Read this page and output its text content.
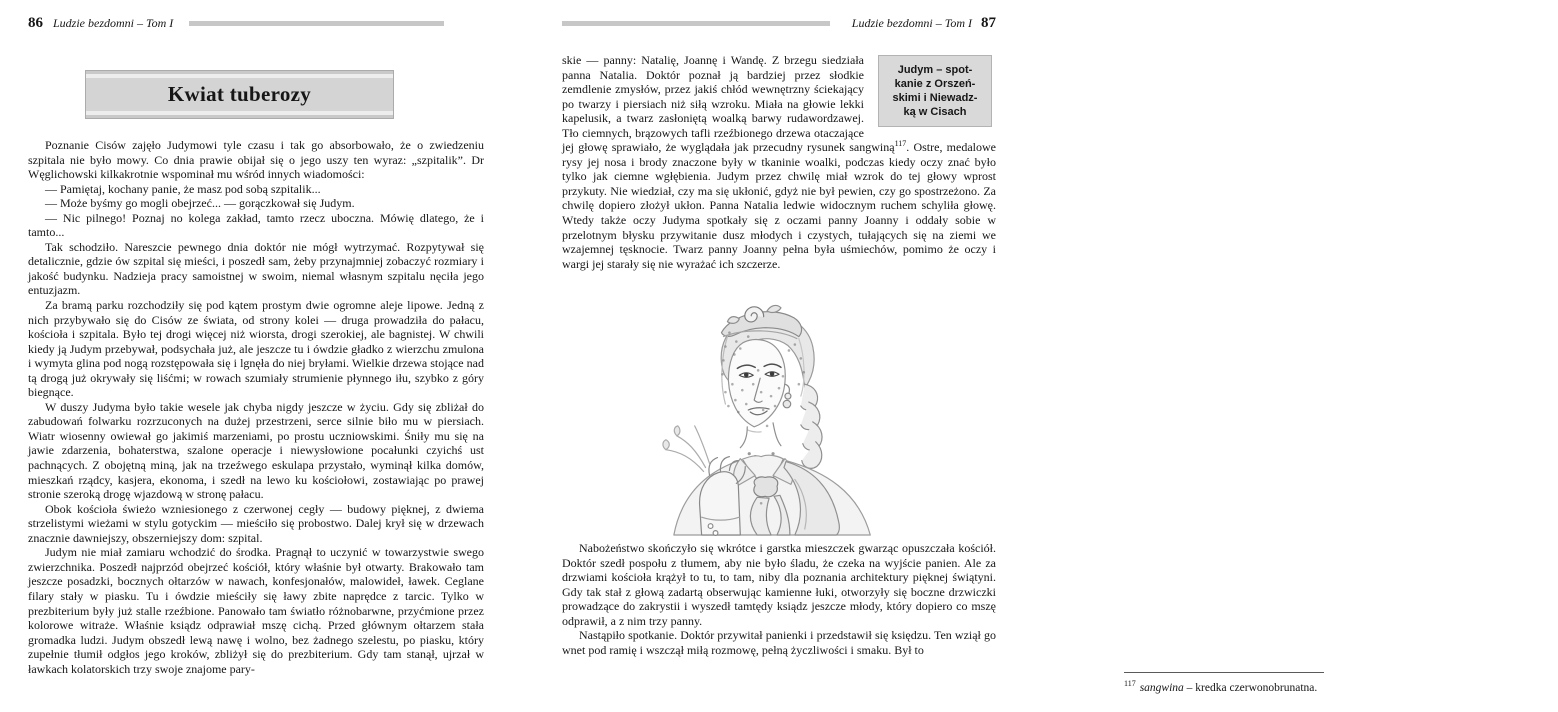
86 Ludzie bezdomni – Tom I
Kwiat tuberozy

Poznanie Cisów zajęło Judymowi tyle czasu i tak go absorbowało, że o zwiedzeniu szpitala nie było mowy. Co dnia prawie obijał się o jego uszy ten wyraz: „szpitalik”. Dr Węglichowski kilkakrotnie wspominał mu wśród innych wiadomości:

— Pamiętaj, kochany panie, że masz pod sobą szpitalik...

— Może byśmy go mogli obejrzeć... — gorączkował się Judym.

— Nic pilnego! Poznaj no kolega zakład, tamto rzecz uboczna. Mówię dlatego, że i tamto...

Tak schodziło. Nareszcie pewnego dnia doktór nie mógł wytrzymać. Rozpytywał się detalicznie, gdzie ów szpital się mieści, i poszedł sam, żeby przynajmniej zobaczyć rozmiary i jakość budynku. Nadzieja pracy samoistnej w swoim, niemal własnym szpitalu nęciła jego entuzjazm.

Za bramą parku rozchodziły się pod kątem prostym dwie ogromne aleje lipowe. Jedną z nich przybywało się do Cisów ze świata, od strony kolei — druga prowadziła do pałacu, kościoła i szpitala. Było tej drogi więcej niż wiorsta, drogi szerokiej, ale bagnistej. W chwili kiedy ją Judym przebywał, podsychała już, ale jeszcze tu i ówdzie gładko z wierzchu zmulona i wymyta glina pod nogą rozstępowała się i lgnęła do niej bryłami. Wielkie drzewa stojące nad tą drogą już okrywały się liśćmi; w rowach szumiały strumienie płynnego iłu, szybko z góry biegnące.

W duszy Judyma było takie wesele jak chyba nigdy jeszcze w życiu. Gdy się zbliżał do zabudowań folwarku rozrzuconych na dużej przestrzeni, serce silnie biło mu w piersiach. Wiatr wiosenny owiewał go jakimiś marzeniami, po prostu uczniowskimi. Śniły mu się na jawie zdarzenia, bohaterstwa, szalone operacje i niewysłowione pocałunki czyichś ust pachnących. Z obojętną miną, jak na trzeźwego eskulapa przystało, wyminął kilka domów, mieszkań rządcy, kasjera, ekonoma, i szedł na lewo ku kościołowi, zostawiając po prawej stronie szeroką drogę wjazdową w stronę pałacu.

Obok kościoła świeżo wzniesionego z czerwonej cegły — budowy pięknej, z dwiema strzelistymi wieżami w stylu gotyckim — mieściło się probostwo. Dalej krył się w drzewach znacznie dawniejszy, obszerniejszy dom: szpital.

Judym nie miał zamiaru wchodzić do środka. Pragnął to uczynić w towarzystwie swego zwierzchnika. Poszedł najprzód obejrzeć kościół, który właśnie był otwarty. Brakowało tam jeszcze posadzki, bocznych ołtarzów w nawach, konfesjonałów, malowideł, ławek. Ceglane filary stały w piasku. Tu i ówdzie mieściły się ławy zbite naprędce z tarcic. Tylko w prezbiterium były już stalle rzeźbione. Panowało tam światło różnobarwne, przyćmione przez kolorowe witraże. Właśnie ksiądz odprawiał mszę cichą. Przed głównym ołtarzem stała gromadka ludzi. Judym obszedł lewą nawę i wolno, bez żadnego szelestu, po piasku, który zupełnie tłumił odgłos jego kroków, zbliżył się do prezbiterium. Gdy tam stanął, ujrzał w ławkach kolatorskich trzy swoje znajome pary-

Ludzie bezdomni – Tom I 87

Judym – spot-
kanie z Orszeń-
skimi i Niewadz-
ką w Cisach
skie — panny: Natalię, Joannę i Wandę. Z brzegu siedziała panna Natalia. Doktór poznał ją bardziej przez słodkie zemdlenie zmysłów, przez jakiś chłód wewnętrzny ściekający po twarzy i piersiach niż siłą wzroku. Miała na głowie lekki kapelusik, a twarz zasłoniętą woalką barwy rudawordzawej. Tło ciemnych, brązowych tafli rzeźbionego drzewa otaczające jej głowę sprawiało, że wyglądała jak przecudny rysunek sangwiną$^{117}$. Ostre, medalowe rysy jej nosa i brody znaczone były w tkaninie woalki, podczas kiedy oczy znać było tylko jak ciemne wgłębienia. Judym przez chwilę miał wzrok do tej głowy wprost przykuty. Nie wiedział, czy ma się ukłonić, gdyż nie był pewien, czy go spostrzeżono. Za chwilę dopiero złożył ukłon. Panna Natalia ledwie widocznym ruchem schyliła głowę. Wtedy także oczy Judyma spotkały się z oczami panny Joanny i oddały sobie w przelotnym błysku przywitanie dusz młodych i czystych, tułających się na ziemi we wzajemnej tęsknocie. Twarz panny Joanny pełna była uśmiechów, pomimo że oczy i wargi jej starały się nie wyrażać ich szczerze.

Nabożeństwo skończyło się wkrótce i garstka mieszczek gwarząc opuszczała kościół. Doktór szedł pospołu z tłumem, aby nie było śladu, że czeka na wyjście panien. Ale za drzwiami kościoła krążył to tu, to tam, niby dla poznania architektury pięknej świątyni. Gdy tak stał z głową zadartą obserwując kamienne łuki, otworzyły się boczne drzwiczki prowadzące do zakrystii i wyszedł tamtędy ksiądz jeszcze młody, który dopiero co mszę odprawił, a z nim trzy panny.

Nastąpiło spotkanie. Doktór przywitał panienki i przedstawił się księdzu. Ten wziął go wnet pod ramię i wszczął miłą rozmowę, pełną życzliwości i smaku. Był to

$^{117}$ sangwina – kredka czerwonobrunatna.
